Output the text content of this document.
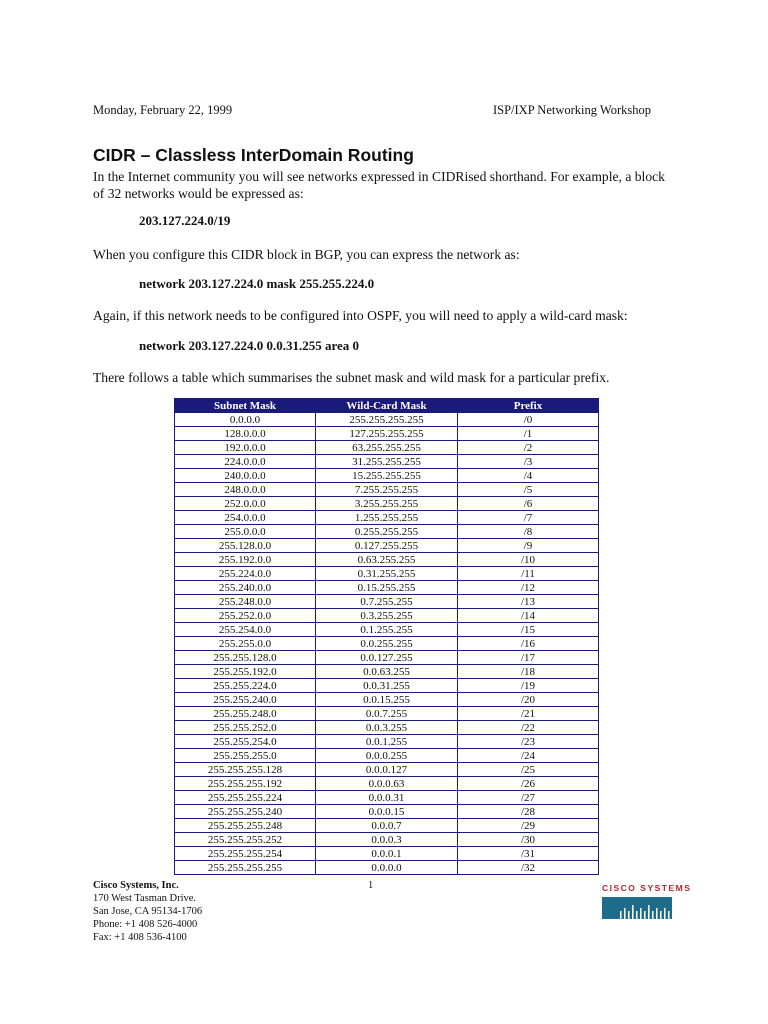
Monday, February 22, 1999	ISP/IXP Networking Workshop
CIDR – Classless InterDomain Routing

In the Internet community you will see networks expressed in CIDRised shorthand. For example, a block of 32 networks would be expressed as:

203.127.224.0/19

When you configure this CIDR block in BGP, you can express the network as:

network 203.127.224.0 mask 255.255.224.0

Again, if this network needs to be configured into OSPF, you will need to apply a wild-card mask:

network 203.127.224.0 0.0.31.255 area 0

There follows a table which summarises the subnet mask and wild mask for a particular prefix.

Subnet Mask	Wild-Card Mask	Prefix
0.0.0.0	255.255.255.255	/0
128.0.0.0	127.255.255.255	/1
192.0.0.0	63.255.255.255	/2
224.0.0.0	31.255.255.255	/3
240.0.0.0	15.255.255.255	/4
248.0.0.0	7.255.255.255	/5
252.0.0.0	3.255.255.255	/6
254.0.0.0	1.255.255.255	/7
255.0.0.0	0.255.255.255	/8
255.128.0.0	0.127.255.255	/9
255.192.0.0	0.63.255.255	/10
255.224.0.0	0.31.255.255	/11
255.240.0.0	0.15.255.255	/12
255.248.0.0	0.7.255.255	/13
255.252.0.0	0.3.255.255	/14
255.254.0.0	0.1.255.255	/15
255.255.0.0	0.0.255.255	/16
255.255.128.0	0.0.127.255	/17
255.255.192.0	0.0.63.255	/18
255.255.224.0	0.0.31.255	/19
255.255.240.0	0.0.15.255	/20
255.255.248.0	0.0.7.255	/21
255.255.252.0	0.0.3.255	/22
255.255.254.0	0.0.1.255	/23
255.255.255.0	0.0.0.255	/24
255.255.255.128	0.0.0.127	/25
255.255.255.192	0.0.0.63	/26
255.255.255.224	0.0.0.31	/27
255.255.255.240	0.0.0.15	/28
255.255.255.248	0.0.0.7	/29
255.255.255.252	0.0.0.3	/30
255.255.255.254	0.0.0.1	/31
255.255.255.255	0.0.0.0	/32
Cisco Systems, Inc.
170 West Tasman Drive.
San Jose, CA 95134-1706
Phone: +1 408 526-4000
Fax: +1 408 536-4100
1	CISCO SYSTEMS
